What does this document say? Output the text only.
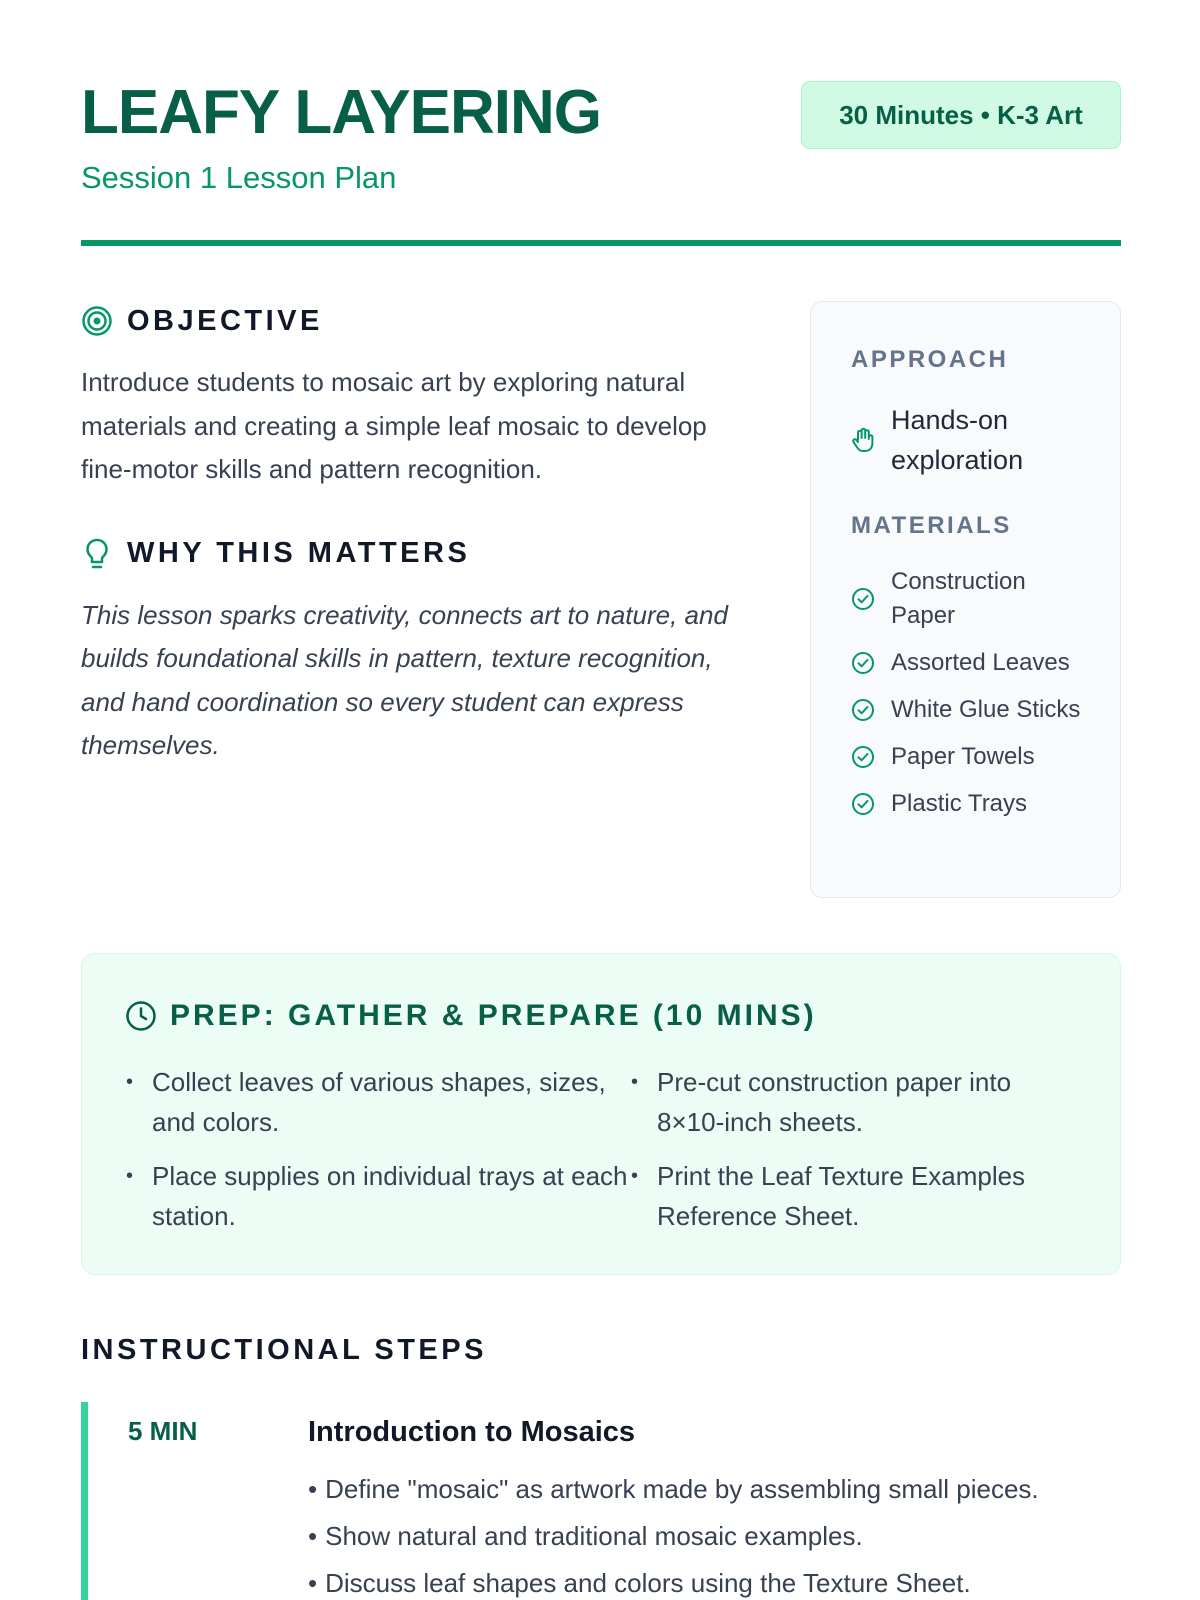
LEAFY LAYERING
Session 1 Lesson Plan
30 Minutes • K-3 Art
OBJECTIVE

Introduce students to mosaic art by exploring natural materials and creating a simple leaf mosaic to develop fine-motor skills and pattern recognition.

WHY THIS MATTERS

This lesson sparks creativity, connects art to nature, and builds foundational skills in pattern, texture recognition, and hand coordination so every student can express themselves.

APPROACH
Hands-on exploration
MATERIALS
Construction Paper
Assorted Leaves
White Glue Sticks
Paper Towels
Plastic Trays
PREP: GATHER & PREPARE (10 MINS)
• Collect leaves of various shapes, sizes, and colors.
• Pre-cut construction paper into 8×10-inch sheets.
• Place supplies on individual trays at each station.
• Print the Leaf Texture Examples Reference Sheet.
INSTRUCTIONAL STEPS
5 MIN	Introduction to Mosaics
• Define "mosaic" as artwork made by assembling small pieces.
• Show natural and traditional mosaic examples.
• Discuss leaf shapes and colors using the Texture Sheet.
